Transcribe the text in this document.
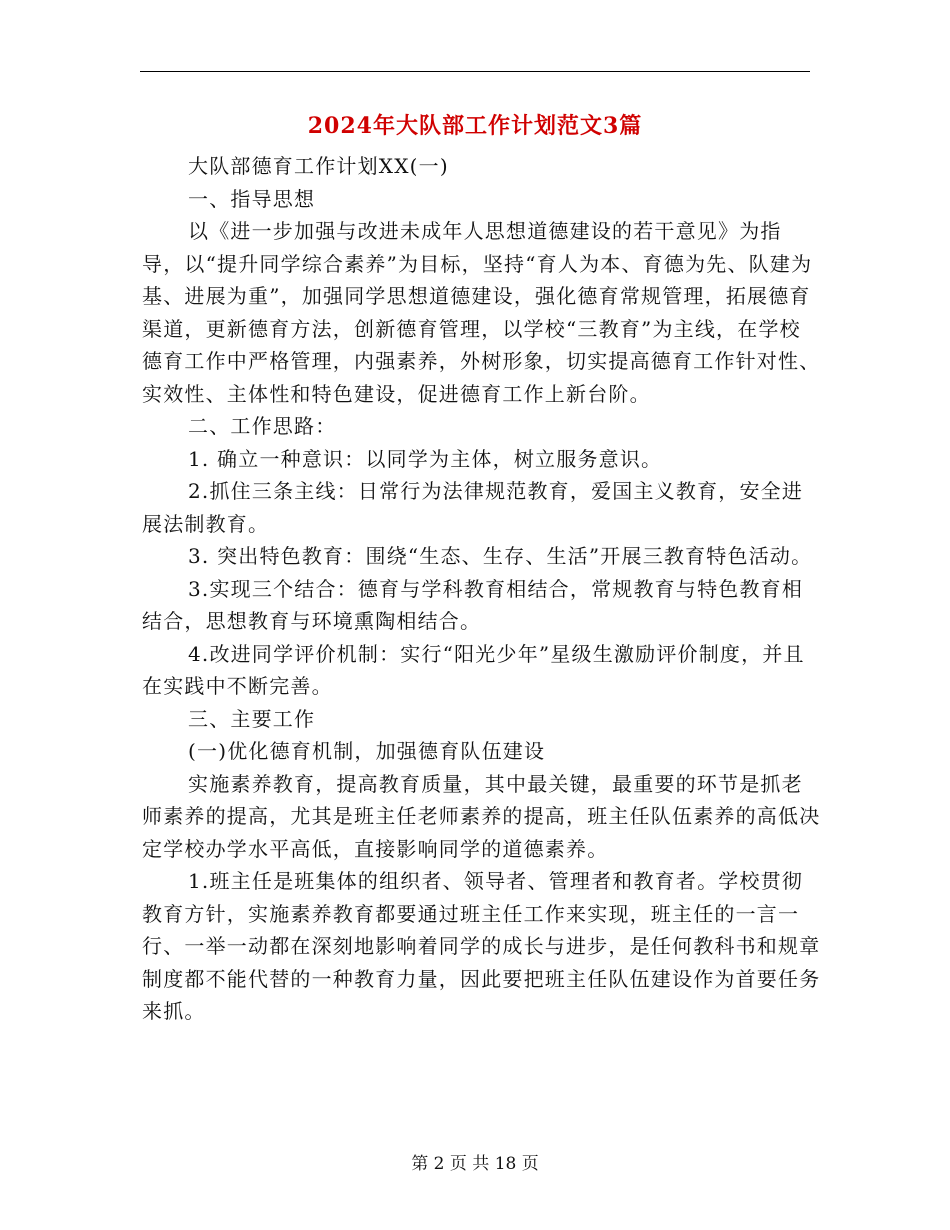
2024年大队部工作计划范文3篇

大队部德育工作计划XX(一)

一、指导思想

以《进一步加强与改进未成年人思想道德建设的若干意见》为指导，以“提升同学综合素养”为目标，坚持“育人为本、育德为先、队建为基、进展为重”，加强同学思想道德建设，强化德育常规管理，拓展德育渠道，更新德育方法，创新德育管理，以学校“三教育”为主线，在学校德育工作中严格管理，内强素养，外树形象，切实提高德育工作针对性、实效性、主体性和特色建设，促进德育工作上新台阶。

二、工作思路：

1. 确立一种意识：以同学为主体，树立服务意识。

2.抓住三条主线：日常行为法律规范教育，爱国主义教育，安全进展法制教育。

3. 突出特色教育：围绕“生态、生存、生活”开展三教育特色活动。

3.实现三个结合：德育与学科教育相结合，常规教育与特色教育相结合，思想教育与环境熏陶相结合。

4.改进同学评价机制：实行“阳光少年”星级生激励评价制度，并且在实践中不断完善。

三、主要工作

(一)优化德育机制，加强德育队伍建设

实施素养教育，提高教育质量，其中最关键，最重要的环节是抓老师素养的提高，尤其是班主任老师素养的提高，班主任队伍素养的高低决定学校办学水平高低，直接影响同学的道德素养。

1.班主任是班集体的组织者、领导者、管理者和教育者。学校贯彻教育方针，实施素养教育都要通过班主任工作来实现，班主任的一言一行、一举一动都在深刻地影响着同学的成长与进步，是任何教科书和规章制度都不能代替的一种教育力量，因此要把班主任队伍建设作为首要任务来抓。

第 2 页 共 18 页
